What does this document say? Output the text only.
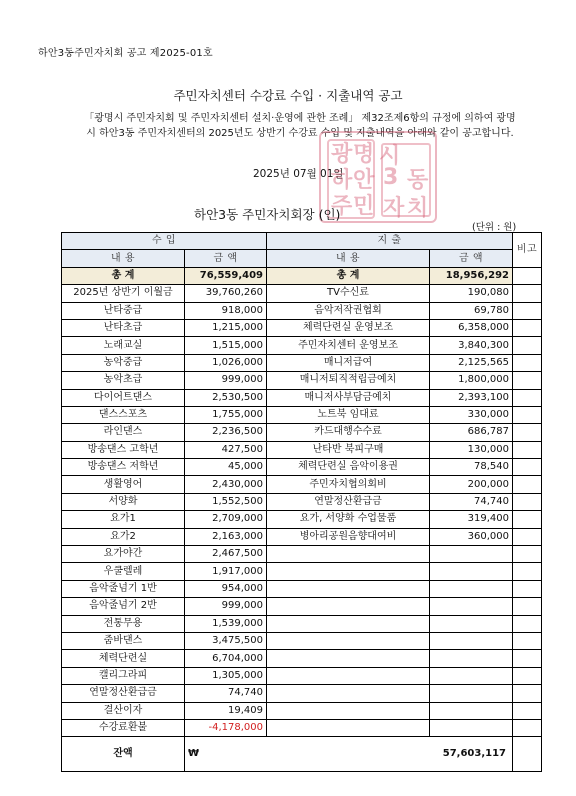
하안3동주민자치회 공고 제2025-01호
주민자치센터 수강료 수입 · 지출내역 공고
「광명시 주민자치회 및 주민자치센터 설치·운영에 관한 조례」 제32조제6항의 규정에 의하여 광명시 하안3동 주민자치센터의 2025년도 상반기 수강료 수입 및 지출내역을 아래와 같이 공고합니다.
2025년 07월 01일
광 명 시
하 안 3 동
주 민 자 치
하안3동 주민자치회장 (인)
(단위 : 원)
수 입		지 출		비고
내 용	금 액	내 용	금 액	
총 계	76,559,409	총 계	18,956,292	
2025년 상반기 이월금	39,760,260	TV수신료	190,080	
난타중급	918,000	음악저작권협회	69,780	
난타초급	1,215,000	체력단련실 운영보조	6,358,000	
노래교실	1,515,000	주민자치센터 운영보조	3,840,300	
농악중급	1,026,000	매니저급여	2,125,565	
농악초급	999,000	매니저퇴직적립금예치	1,800,000	
다이어트댄스	2,530,500	매니저사부담금예치	2,393,100	
댄스스포츠	1,755,000	노트북 임대료	330,000	
라인댄스	2,236,500	카드대행수수료	686,787	
방송댄스 고학년	427,500	난타반 북피구매	130,000	
방송댄스 저학년	45,000	체력단련실 음악이용권	78,540	
생활영어	2,430,000	주민자치협의회비	200,000	
서양화	1,552,500	연말정산환급금	74,740	
요가1	2,709,000	요가, 서양화 수업물품	319,400	
요가2	2,163,000	병아리공원음향대여비	360,000	
요가야간	2,467,500			
우쿨렐레	1,917,000			
음악줄넘기 1반	954,000			
음악줄넘기 2반	999,000			
전통무용	1,539,000			
줌바댄스	3,475,500			
체력단련실	6,704,000			
캘리그라피	1,305,000			
연말정산환급금	74,740			
결산이자	19,409			
수강료환불	-4,178,000			
잔액	₩		57,603,117	
